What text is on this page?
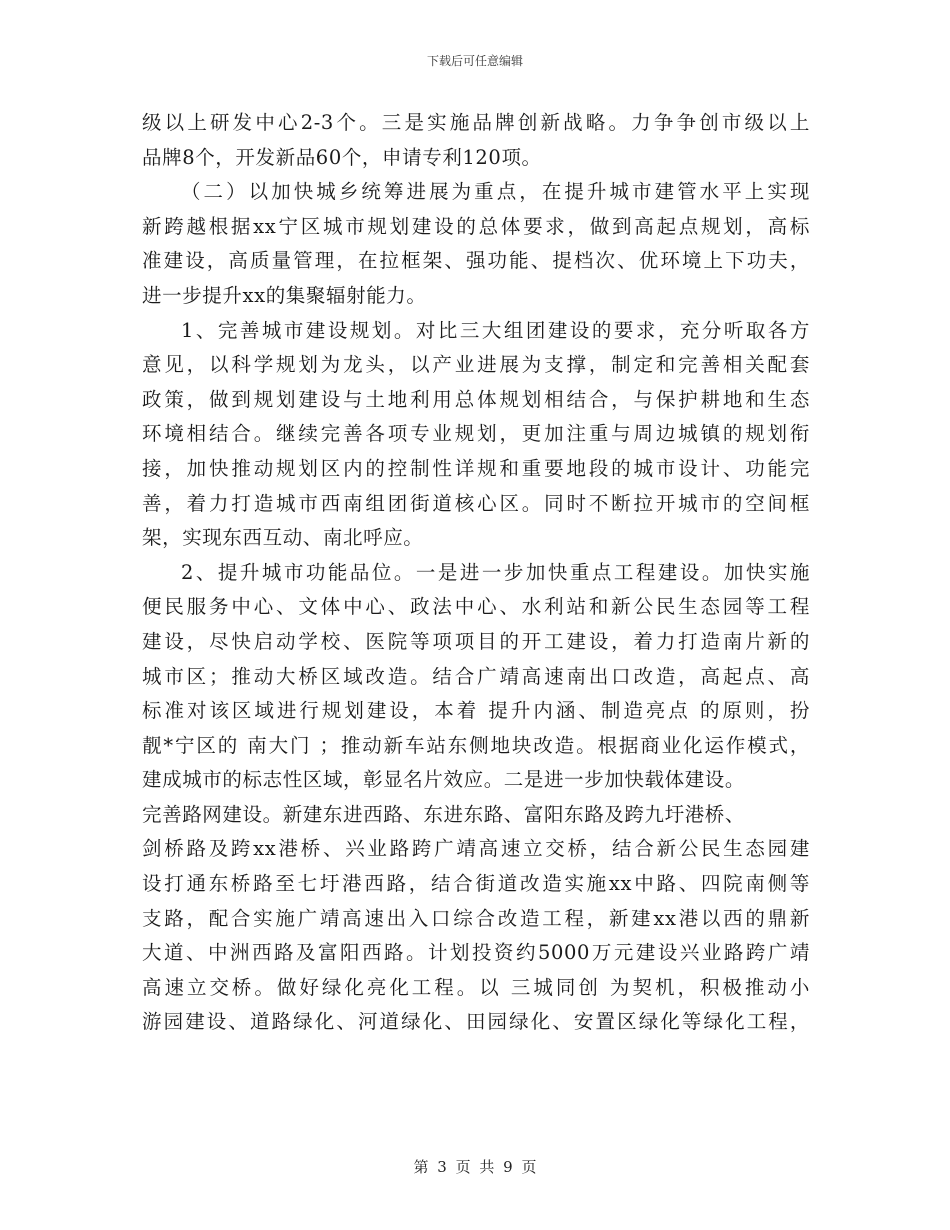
下载后可任意编辑
级以上研发中心2-3个。三是实施品牌创新战略。力争争创市级以上
品牌8个，开发新品60个，申请专利120项。
（二）以加快城乡统筹进展为重点，在提升城市建管水平上实现
新跨越根据xx宁区城市规划建设的总体要求，做到高起点规划，高标
准建设，高质量管理，在拉框架、强功能、提档次、优环境上下功夫，
进一步提升xx的集聚辐射能力。
1、完善城市建设规划。对比三大组团建设的要求，充分听取各方
意见，以科学规划为龙头，以产业进展为支撑，制定和完善相关配套
政策，做到规划建设与土地利用总体规划相结合，与保护耕地和生态
环境相结合。继续完善各项专业规划，更加注重与周边城镇的规划衔
接，加快推动规划区内的控制性详规和重要地段的城市设计、功能完
善，着力打造城市西南组团街道核心区。同时不断拉开城市的空间框
架，实现东西互动、南北呼应。
2、提升城市功能品位。一是进一步加快重点工程建设。加快实施
便民服务中心、文体中心、政法中心、水利站和新公民生态园等工程
建设，尽快启动学校、医院等项项目的开工建设，着力打造南片新的
城市区；推动大桥区域改造。结合广靖高速南出口改造，高起点、高
标准对该区域进行规划建设，本着 提升内涵、制造亮点 的原则，扮
靓*宁区的 南大门 ；推动新车站东侧地块改造。根据商业化运作模式，
建成城市的标志性区域，彰显名片效应。二是进一步加快载体建设。
完善路网建设。新建东进西路、东进东路、富阳东路及跨九圩港桥、
剑桥路及跨xx港桥、兴业路跨广靖高速立交桥，结合新公民生态园建
设打通东桥路至七圩港西路，结合街道改造实施xx中路、四院南侧等
支路，配合实施广靖高速出入口综合改造工程，新建xx港以西的鼎新
大道、中洲西路及富阳西路。计划投资约5000万元建设兴业路跨广靖
高速立交桥。做好绿化亮化工程。以 三城同创 为契机，积极推动小
游园建设、道路绿化、河道绿化、田园绿化、安置区绿化等绿化工程，
第 3 页 共 9 页
